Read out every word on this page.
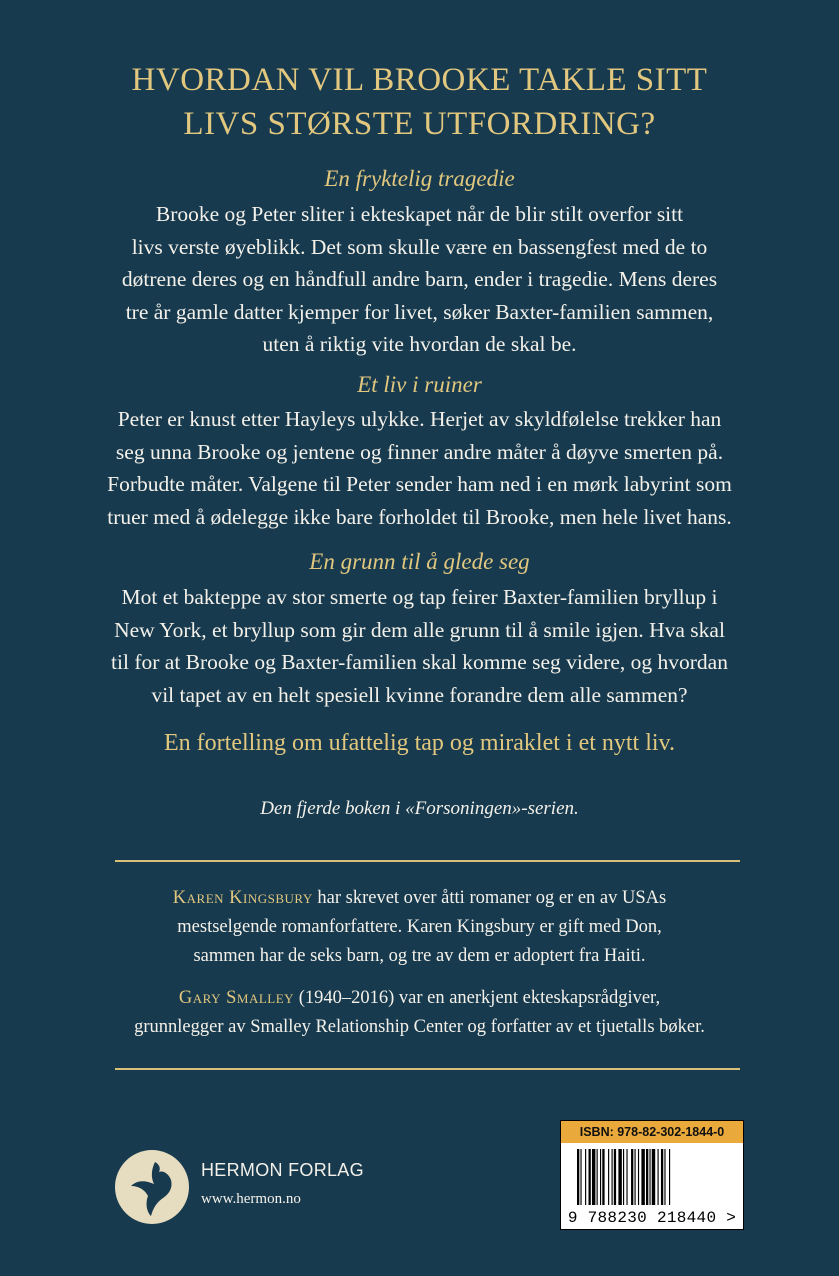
HVORDAN VIL BROOKE TAKLE SITT
LIVS STØRSTE UTFORDRING?
En fryktelig tragedie
Brooke og Peter sliter i ekteskapet når de blir stilt overfor sitt
livs verste øyeblikk. Det som skulle være en bassengfest med de to
døtrene deres og en håndfull andre barn, ender i tragedie. Mens deres
tre år gamle datter kjemper for livet, søker Baxter-familien sammen,
uten å riktig vite hvordan de skal be.
Et liv i ruiner
Peter er knust etter Hayleys ulykke. Herjet av skyldfølelse trekker han
seg unna Brooke og jentene og finner andre måter å døyve smerten på.
Forbudte måter. Valgene til Peter sender ham ned i en mørk labyrint som
truer med å ødelegge ikke bare forholdet til Brooke, men hele livet hans.
En grunn til å glede seg
Mot et bakteppe av stor smerte og tap feirer Baxter-familien bryllup i
New York, et bryllup som gir dem alle grunn til å smile igjen. Hva skal
til for at Brooke og Baxter-familien skal komme seg videre, og hvordan
vil tapet av en helt spesiell kvinne forandre dem alle sammen?
En fortelling om ufattelig tap og miraklet i et nytt liv.
Den fjerde boken i «Forsoningen»-serien.
Karen Kingsbury har skrevet over åtti romaner og er en av USAs
mestselgende romanforfattere. Karen Kingsbury er gift med Don,
sammen har de seks barn, og tre av dem er adoptert fra Haiti.
Gary Smalley (1940–2016) var en anerkjent ekteskapsrådgiver,
grunnlegger av Smalley Relationship Center og forfatter av et tjuetalls bøker.
HERMON FORLAG
www.hermon.no
ISBN: 978-82-302-1844-0
9 788230 218440 >
